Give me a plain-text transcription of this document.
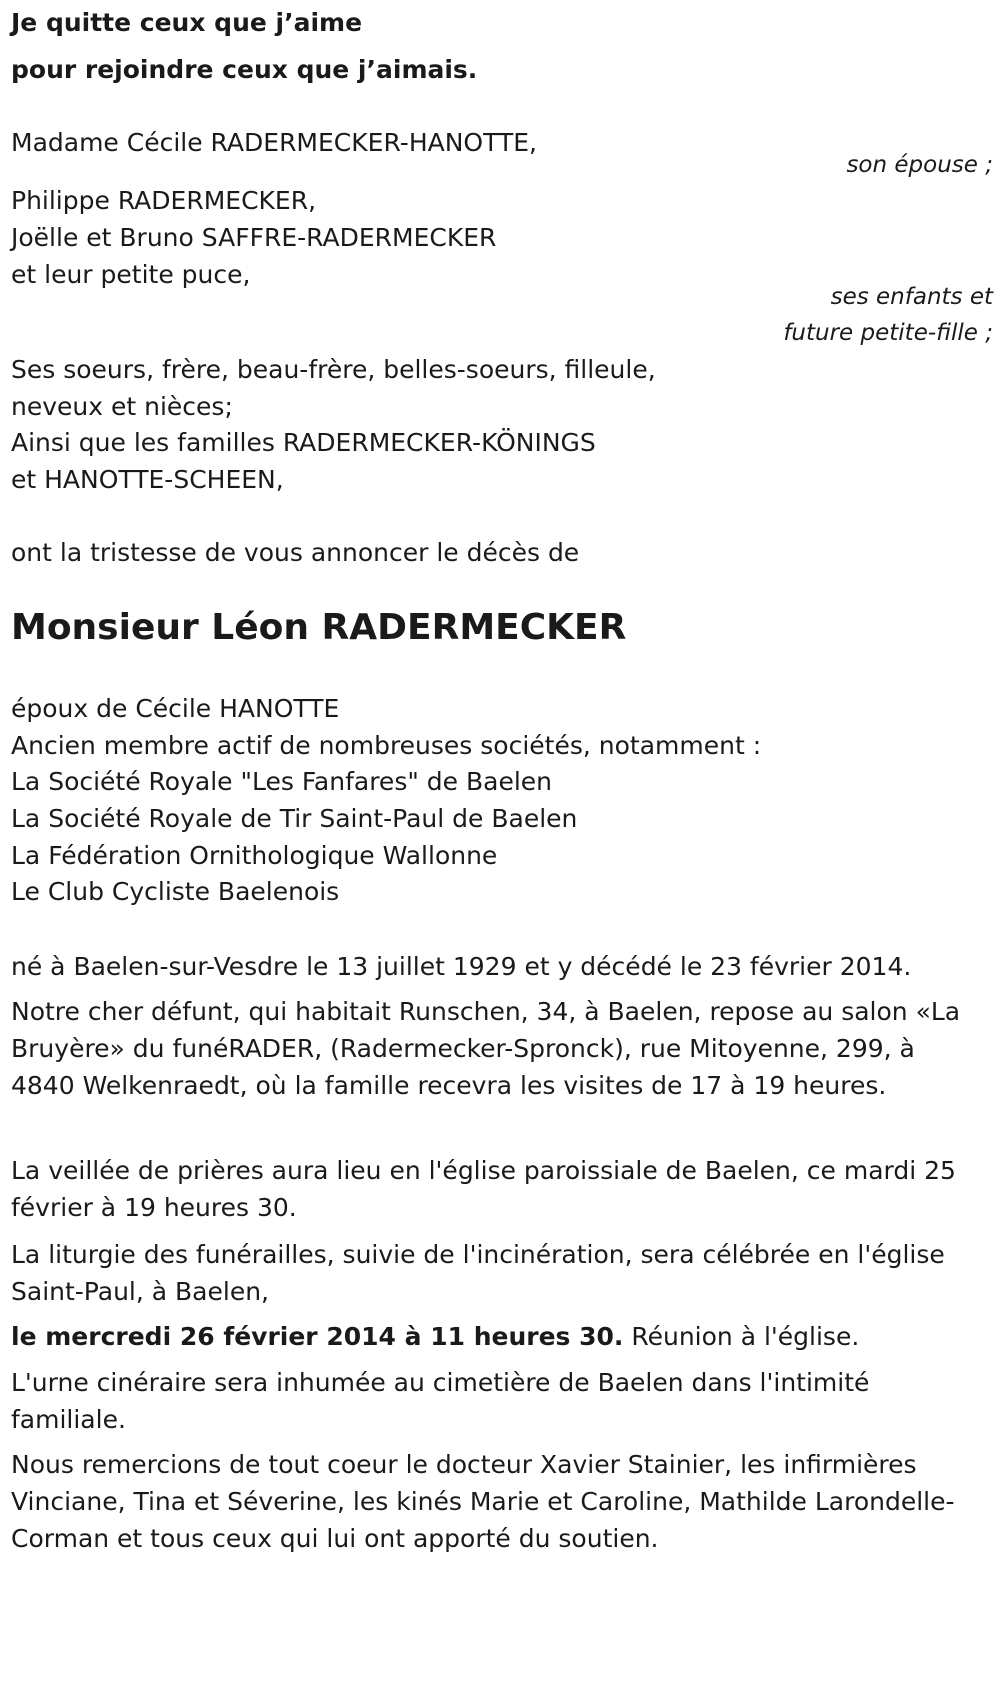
Je quitte ceux que j’aime
pour rejoindre ceux que j’aimais.
Madame Cécile RADERMECKER-HANOTTE,
son épouse ;
Philippe RADERMECKER,
Joëlle et Bruno SAFFRE-RADERMECKER
et leur petite puce,
ses enfants et
future petite-fille ;
Ses soeurs, frère, beau-frère, belles-soeurs, filleule,
neveux et nièces;
Ainsi que les familles RADERMECKER-KÖNINGS
et HANOTTE-SCHEEN,
ont la tristesse de vous annoncer le décès de
Monsieur Léon RADERMECKER
époux de Cécile HANOTTE
Ancien membre actif de nombreuses sociétés, notamment :
La Société Royale "Les Fanfares" de Baelen
La Société Royale de Tir Saint-Paul de Baelen
La Fédération Ornithologique Wallonne
Le Club Cycliste Baelenois
né à Baelen-sur-Vesdre le 13 juillet 1929 et y décédé le 23 février 2014.
Notre cher défunt, qui habitait Runschen, 34, à Baelen, repose au salon «La Bruyère» du funéRADER, (Radermecker-Spronck), rue Mitoyenne, 299, à 4840 Welkenraedt, où la famille recevra les visites de 17 à 19 heures.
La veillée de prières aura lieu en l'église paroissiale de Baelen, ce mardi 25 février à 19 heures 30.
La liturgie des funérailles, suivie de l'incinération, sera célébrée en l'église Saint-Paul, à Baelen,
le mercredi 26 février 2014 à 11 heures 30. Réunion à l'église.
L'urne cinéraire sera inhumée au cimetière de Baelen dans l'intimité familiale.
Nous remercions de tout coeur le docteur Xavier Stainier, les infirmières Vinciane, Tina et Séverine, les kinés Marie et Caroline, Mathilde Larondelle-Corman et tous ceux qui lui ont apporté du soutien.
